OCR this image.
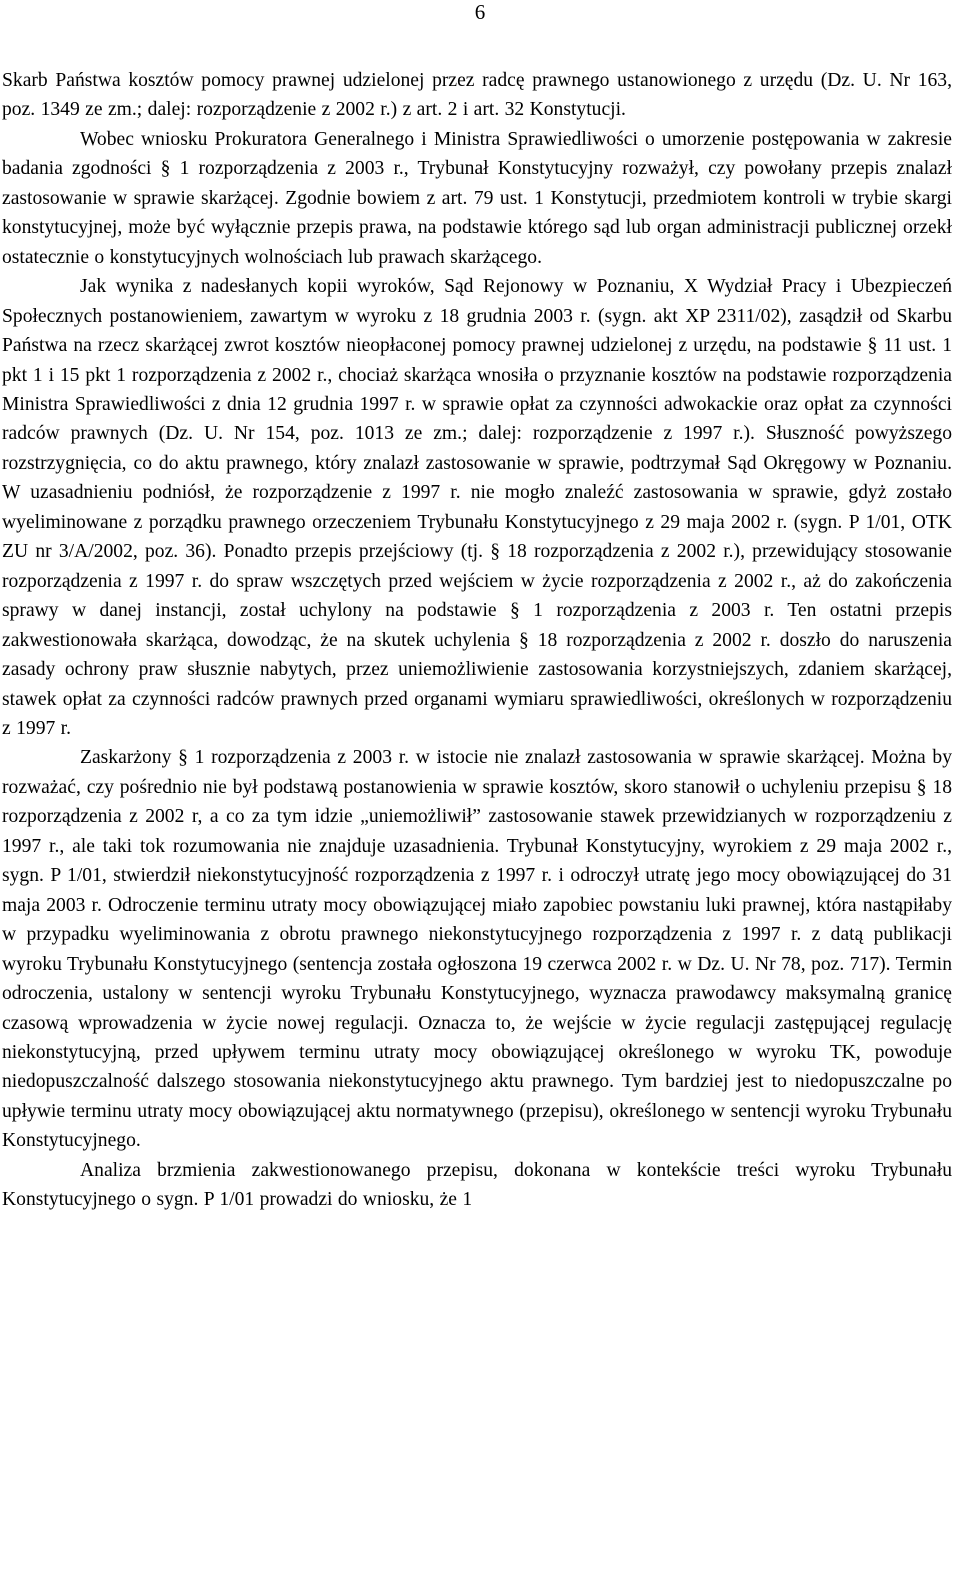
6

Skarb Państwa kosztów pomocy prawnej udzielonej przez radcę prawnego ustanowionego z urzędu (Dz. U. Nr 163, poz. 1349 ze zm.; dalej: rozporządzenie z 2002 r.) z art. 2 i art. 32 Konstytucji.

Wobec wniosku Prokuratora Generalnego i Ministra Sprawiedliwości o umorzenie postępowania w zakresie badania zgodności § 1 rozporządzenia z 2003 r., Trybunał Konstytucyjny rozważył, czy powołany przepis znalazł zastosowanie w sprawie skarżącej. Zgodnie bowiem z art. 79 ust. 1 Konstytucji, przedmiotem kontroli w trybie skargi konstytucyjnej, może być wyłącznie przepis prawa, na podstawie którego sąd lub organ administracji publicznej orzekł ostatecznie o konstytucyjnych wolnościach lub prawach skarżącego.

Jak wynika z nadesłanych kopii wyroków, Sąd Rejonowy w Poznaniu, X Wydział Pracy i Ubezpieczeń Społecznych postanowieniem, zawartym w wyroku z 18 grudnia 2003 r. (sygn. akt XP 2311/02), zasądził od Skarbu Państwa na rzecz skarżącej zwrot kosztów nieopłaconej pomocy prawnej udzielonej z urzędu, na podstawie § 11 ust. 1 pkt 1 i 15 pkt 1 rozporządzenia z 2002 r., chociaż skarżąca wnosiła o przyznanie kosztów na podstawie rozporządzenia Ministra Sprawiedliwości z dnia 12 grudnia 1997 r. w sprawie opłat za czynności adwokackie oraz opłat za czynności radców prawnych (Dz. U. Nr 154, poz. 1013 ze zm.; dalej: rozporządzenie z 1997 r.). Słuszność powyższego rozstrzygnięcia, co do aktu prawnego, który znalazł zastosowanie w sprawie, podtrzymał Sąd Okręgowy w Poznaniu. W uzasadnieniu podniósł, że rozporządzenie z 1997 r. nie mogło znaleźć zastosowania w sprawie, gdyż zostało wyeliminowane z porządku prawnego orzeczeniem Trybunału Konstytucyjnego z 29 maja 2002 r. (sygn. P 1/01, OTK ZU nr 3/A/2002, poz. 36). Ponadto przepis przejściowy (tj. § 18 rozporządzenia z 2002 r.), przewidujący stosowanie rozporządzenia z 1997 r. do spraw wszczętych przed wejściem w życie rozporządzenia z 2002 r., aż do zakończenia sprawy w danej instancji, został uchylony na podstawie § 1 rozporządzenia z 2003 r. Ten ostatni przepis zakwestionowała skarżąca, dowodząc, że na skutek uchylenia § 18 rozporządzenia z 2002 r. doszło do naruszenia zasady ochrony praw słusznie nabytych, przez uniemożliwienie zastosowania korzystniejszych, zdaniem skarżącej, stawek opłat za czynności radców prawnych przed organami wymiaru sprawiedliwości, określonych w rozporządzeniu z 1997 r.

Zaskarżony § 1 rozporządzenia z 2003 r. w istocie nie znalazł zastosowania w sprawie skarżącej. Można by rozważać, czy pośrednio nie był podstawą postanowienia w sprawie kosztów, skoro stanowił o uchyleniu przepisu § 18 rozporządzenia z 2002 r, a co za tym idzie „uniemożliwił” zastosowanie stawek przewidzianych w rozporządzeniu z 1997 r., ale taki tok rozumowania nie znajduje uzasadnienia. Trybunał Konstytucyjny, wyrokiem z 29 maja 2002 r., sygn. P 1/01, stwierdził niekonstytucyjność rozporządzenia z 1997 r. i odroczył utratę jego mocy obowiązującej do 31 maja 2003 r. Odroczenie terminu utraty mocy obowiązującej miało zapobiec powstaniu luki prawnej, która nastąpiłaby w przypadku wyeliminowania z obrotu prawnego niekonstytucyjnego rozporządzenia z 1997 r. z datą publikacji wyroku Trybunału Konstytucyjnego (sentencja została ogłoszona 19 czerwca 2002 r. w Dz. U. Nr 78, poz. 717). Termin odroczenia, ustalony w sentencji wyroku Trybunału Konstytucyjnego, wyznacza prawodawcy maksymalną granicę czasową wprowadzenia w życie nowej regulacji. Oznacza to, że wejście w życie regulacji zastępującej regulację niekonstytucyjną, przed upływem terminu utraty mocy obowiązującej określonego w wyroku TK, powoduje niedopuszczalność dalszego stosowania niekonstytucyjnego aktu prawnego. Tym bardziej jest to niedopuszczalne po upływie terminu utraty mocy obowiązującej aktu normatywnego (przepisu), określonego w sentencji wyroku Trybunału Konstytucyjnego.

Analiza brzmienia zakwestionowanego przepisu, dokonana w kontekście treści wyroku Trybunału Konstytucyjnego o sygn. P 1/01 prowadzi do wniosku, że 1
